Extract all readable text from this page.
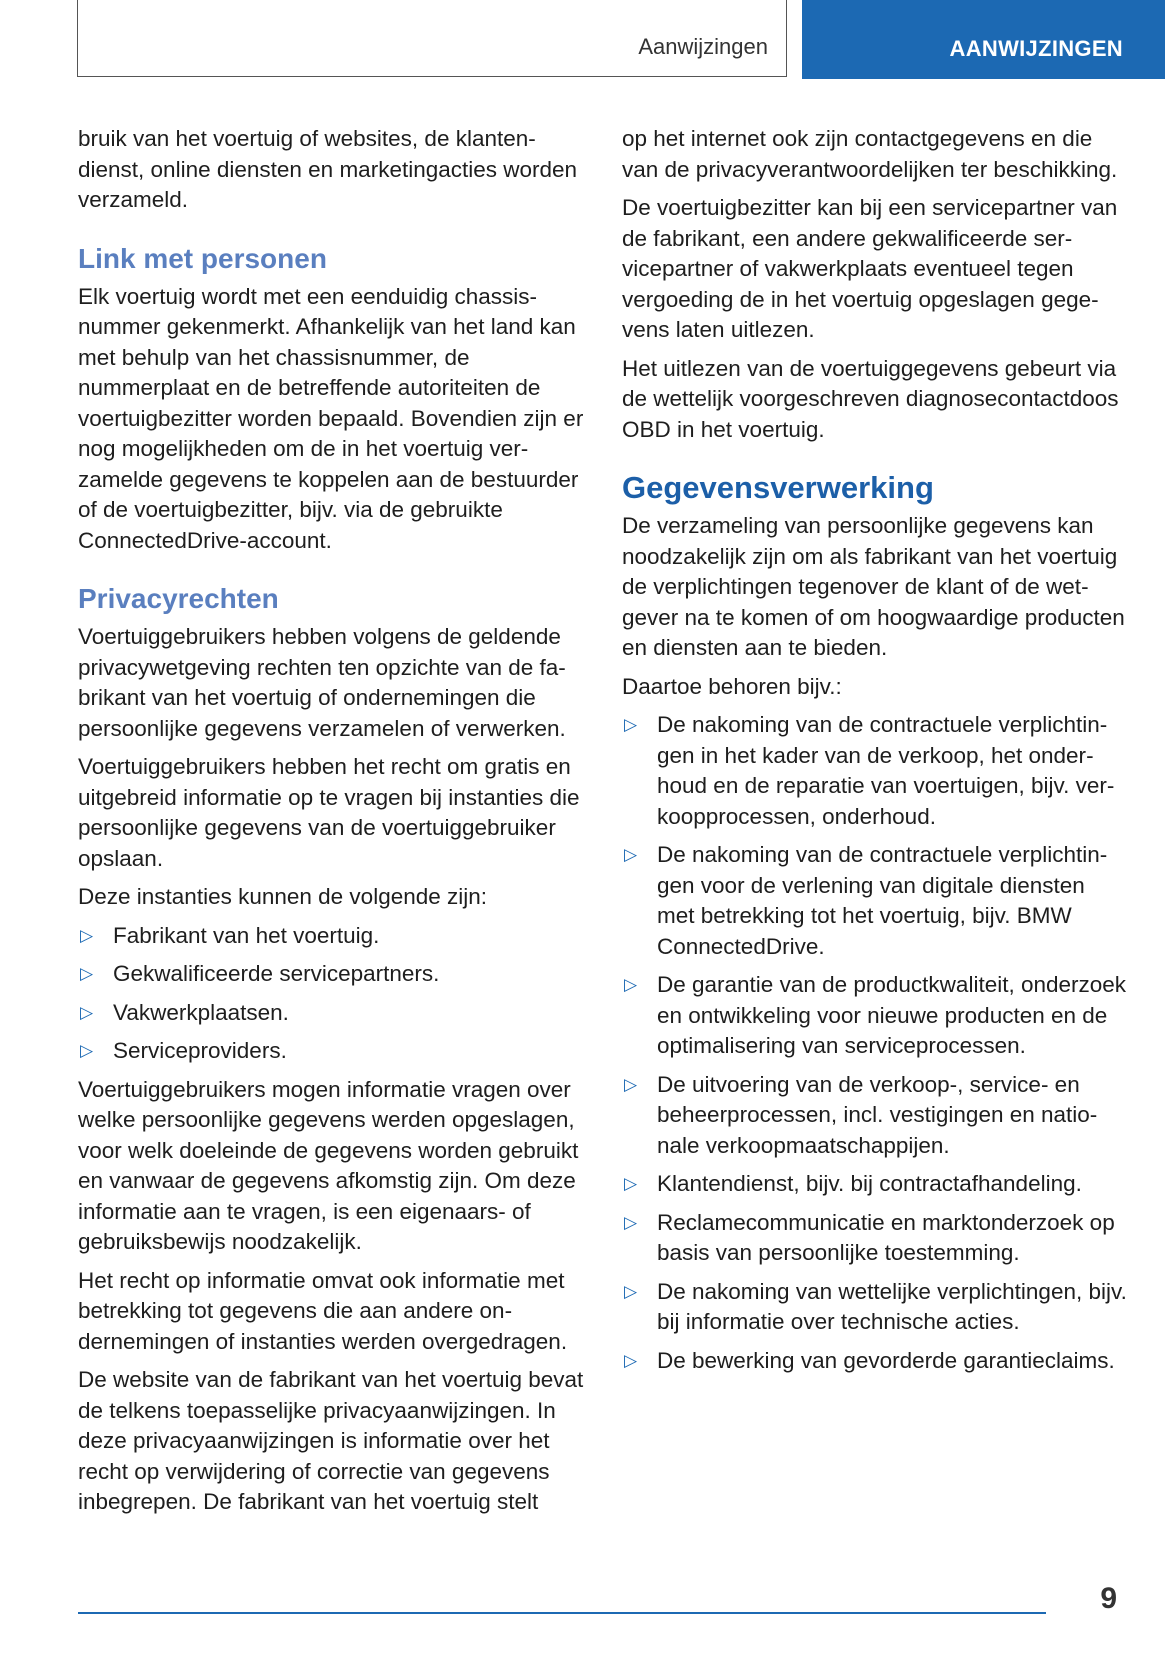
Aanwijzingen	AANWIJZINGEN

bruik van het voertuig of websites, de klantendienst, online diensten en marketingacties worden verzameld.

Link met personen

Elk voertuig wordt met een eenduidig chassisnummer gekenmerkt. Afhankelijk van het land kan met behulp van het chassisnummer, de nummerplaat en de betreffende autoriteiten de voertuigbezitter worden bepaald. Bovendien zijn er nog mogelijkheden om de in het voertuig verzamelde gegevens te koppelen aan de bestuurder of de voertuigbezitter, bijv. via de gebruikte ConnectedDrive-account.

Privacyrechten

Voertuiggebruikers hebben volgens de geldende privacywetgeving rechten ten opzichte van de fabrikant van het voertuig of ondernemingen die persoonlijke gegevens verzamelen of verwerken.

Voertuiggebruikers hebben het recht om gratis en uitgebreid informatie op te vragen bij instanties die persoonlijke gegevens van de voertuiggebruiker opslaan.

Deze instanties kunnen de volgende zijn:

▷ Fabrikant van het voertuig.
▷ Gekwalificeerde servicepartners.
▷ Vakwerkplaatsen.
▷ Serviceproviders.

Voertuiggebruikers mogen informatie vragen over welke persoonlijke gegevens werden opgeslagen, voor welk doeleinde de gegevens worden gebruikt en vanwaar de gegevens afkomstig zijn. Om deze informatie aan te vragen, is een eigenaars- of gebruiksbewijs noodzakelijk.

Het recht op informatie omvat ook informatie met betrekking tot gegevens die aan andere ondernemingen of instanties werden overgedragen.

De website van de fabrikant van het voertuig bevat de telkens toepasselijke privacyaanwijzingen. In deze privacyaanwijzingen is informatie over het recht op verwijdering of correctie van gegevens inbegrepen. De fabrikant van het voertuig stelt

op het internet ook zijn contactgegevens en die van de privacyverantwoordelijken ter beschikking.

De voertuigbezitter kan bij een servicepartner van de fabrikant, een andere gekwalificeerde servicepartner of vakwerkplaats eventueel tegen vergoeding de in het voertuig opgeslagen gegevens laten uitlezen.

Het uitlezen van de voertuiggegevens gebeurt via de wettelijk voorgeschreven diagnosecontactdoos OBD in het voertuig.

Gegevensverwerking

De verzameling van persoonlijke gegevens kan noodzakelijk zijn om als fabrikant van het voertuig de verplichtingen tegenover de klant of de wetgever na te komen of om hoogwaardige producten en diensten aan te bieden.

Daartoe behoren bijv.:

▷ De nakoming van de contractuele verplichtingen in het kader van de verkoop, het onderhoud en de reparatie van voertuigen, bijv. verkoopprocessen, onderhoud.
▷ De nakoming van de contractuele verplichtingen voor de verlening van digitale diensten met betrekking tot het voertuig, bijv. BMW ConnectedDrive.
▷ De garantie van de productkwaliteit, onderzoek en ontwikkeling voor nieuwe producten en de optimalisering van serviceprocessen.
▷ De uitvoering van de verkoop-, service- en beheerprocessen, incl. vestigingen en nationale verkoopmaatschappijen.
▷ Klantendienst, bijv. bij contractafhandeling.
▷ Reclamecommunicatie en marktonderzoek op basis van persoonlijke toestemming.
▷ De nakoming van wettelijke verplichtingen, bijv. bij informatie over technische acties.
▷ De bewerking van gevorderde garantieclaims.
9
